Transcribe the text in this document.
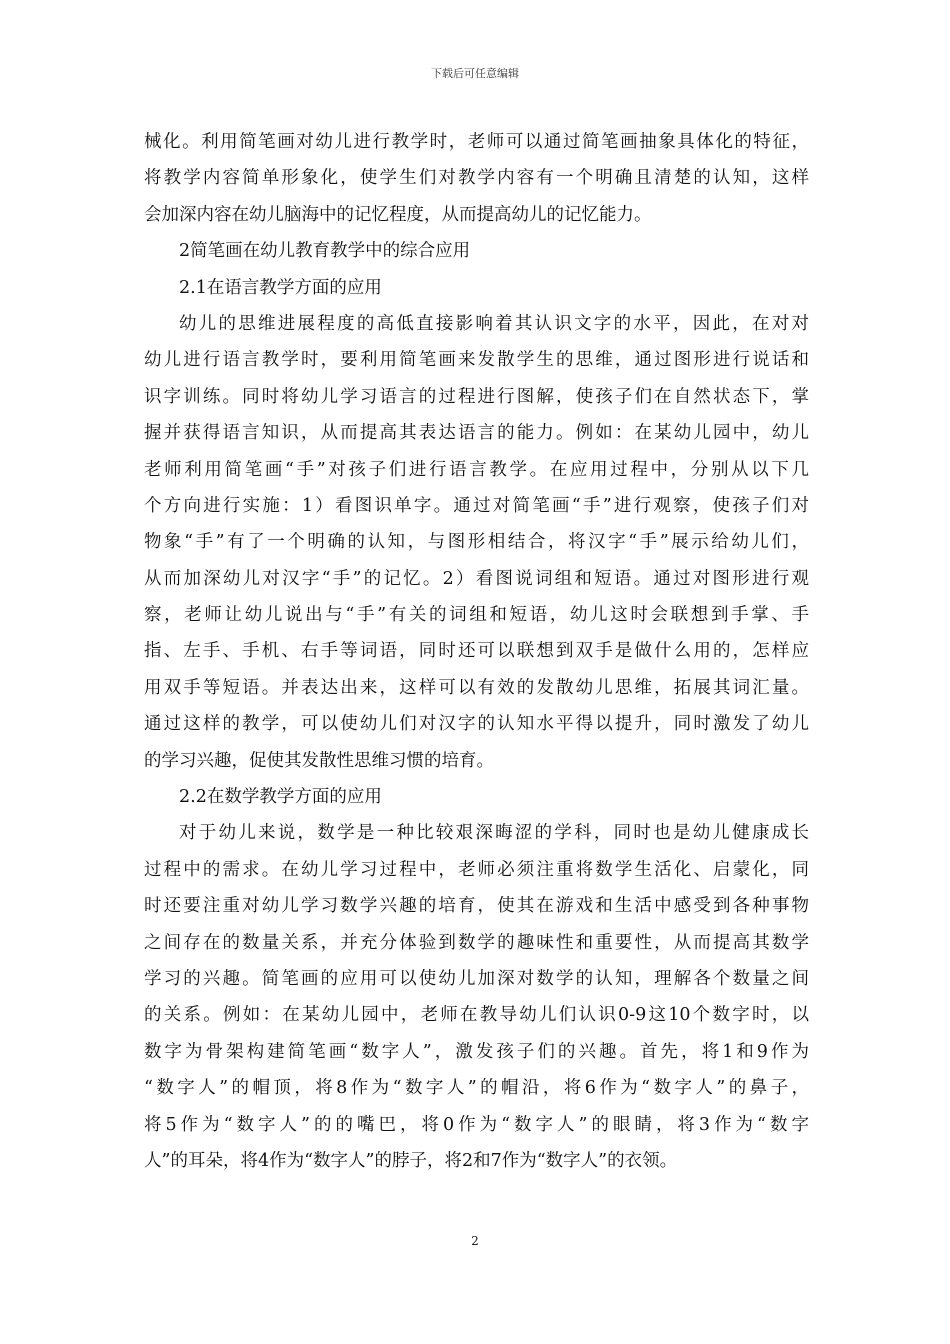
下载后可任意编辑
械化。利用简笔画对幼儿进行教学时，老师可以通过简笔画抽象具体化的特征，
将教学内容简单形象化，使学生们对教学内容有一个明确且清楚的认知，这样
会加深内容在幼儿脑海中的记忆程度，从而提高幼儿的记忆能力。
2简笔画在幼儿教育教学中的综合应用
2.1在语言教学方面的应用
幼儿的思维进展程度的高低直接影响着其认识文字的水平，因此，在对对
幼儿进行语言教学时，要利用简笔画来发散学生的思维，通过图形进行说话和
识字训练。同时将幼儿学习语言的过程进行图解，使孩子们在自然状态下，掌
握并获得语言知识，从而提高其表达语言的能力。例如：在某幼儿园中，幼儿
老师利用简笔画“手”对孩子们进行语言教学。在应用过程中，分别从以下几
个方向进行实施：1）看图识单字。通过对简笔画“手”进行观察，使孩子们对
物象“手”有了一个明确的认知，与图形相结合，将汉字“手”展示给幼儿们，
从而加深幼儿对汉字“手”的记忆。2）看图说词组和短语。通过对图形进行观
察，老师让幼儿说出与“手”有关的词组和短语，幼儿这时会联想到手掌、手
指、左手、手机、右手等词语，同时还可以联想到双手是做什么用的，怎样应
用双手等短语。并表达出来，这样可以有效的发散幼儿思维，拓展其词汇量。
通过这样的教学，可以使幼儿们对汉字的认知水平得以提升，同时激发了幼儿
的学习兴趣，促使其发散性思维习惯的培育。
2.2在数学教学方面的应用
对于幼儿来说，数学是一种比较艰深晦涩的学科，同时也是幼儿健康成长
过程中的需求。在幼儿学习过程中，老师必须注重将数学生活化、启蒙化，同
时还要注重对幼儿学习数学兴趣的培育，使其在游戏和生活中感受到各种事物
之间存在的数量关系，并充分体验到数学的趣味性和重要性，从而提高其数学
学习的兴趣。简笔画的应用可以使幼儿加深对数学的认知，理解各个数量之间
的关系。例如：在某幼儿园中，老师在教导幼儿们认识0-9这10个数字时，以
数字为骨架构建简笔画“数字人”，激发孩子们的兴趣。首先，将1和9作为
“数字人”的帽顶，将8作为“数字人”的帽沿，将6作为“数字人”的鼻子，
将5作为“数字人”的的嘴巴，将0作为“数字人”的眼睛，将3作为“数字
人”的耳朵，将4作为“数字人”的脖子，将2和7作为“数字人”的衣领。
2
